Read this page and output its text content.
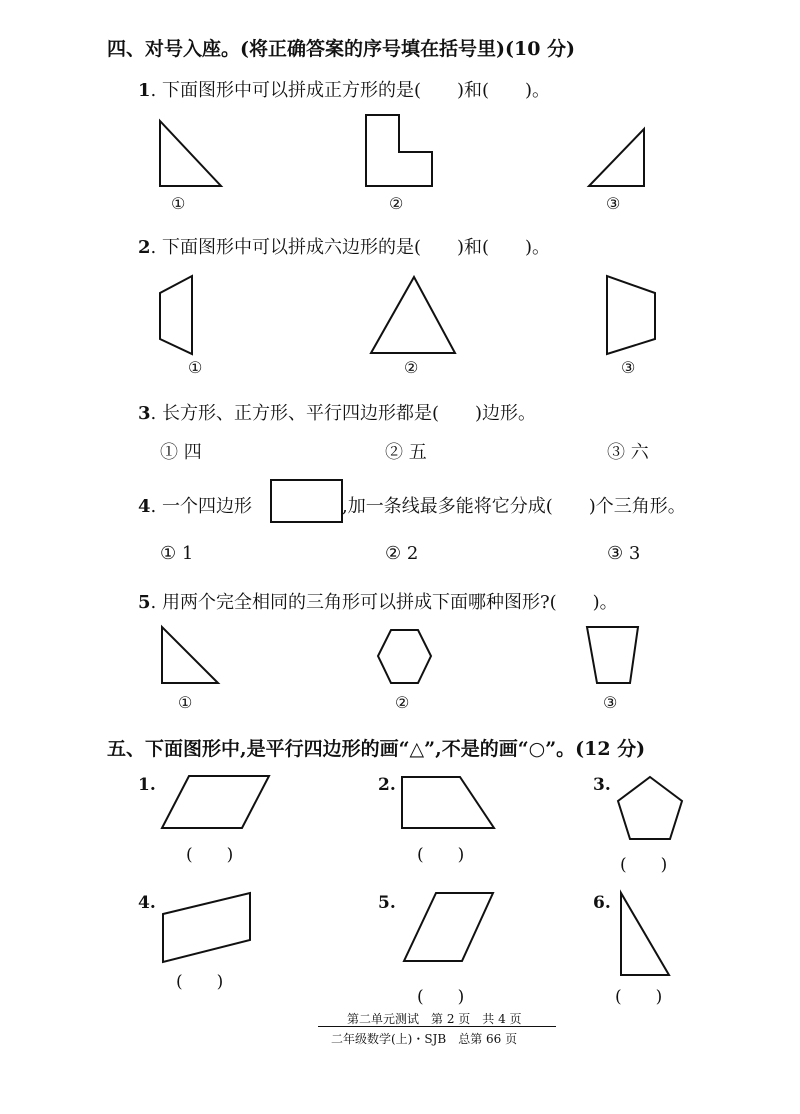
四、对号入座。(将正确答案的序号填在括号里)(10 分)
1. 下面图形中可以拼成正方形的是(　　)和(　　)。
①	②	③
2. 下面图形中可以拼成六边形的是(　　)和(　　)。
①	②	③
3. 长方形、正方形、平行四边形都是(　　)边形。
① 四	② 五	③ 六
4. 一个四边形	,加一条线最多能将它分成(　　)个三角形。
① 1	② 2	③ 3
5. 用两个完全相同的三角形可以拼成下面哪种图形?(　　)。
①	②	③
五、下面图形中,是平行四边形的画“△”,不是的画“○”。(12 分)
1.	2.	3.
(　　)	(　　)	(　　)
4.	5.	6.
(　　)
(　　)	(　　)
第二单元测试　第 2 页　共 4 页
二年级数学(上)・SJB　总第 66 页
